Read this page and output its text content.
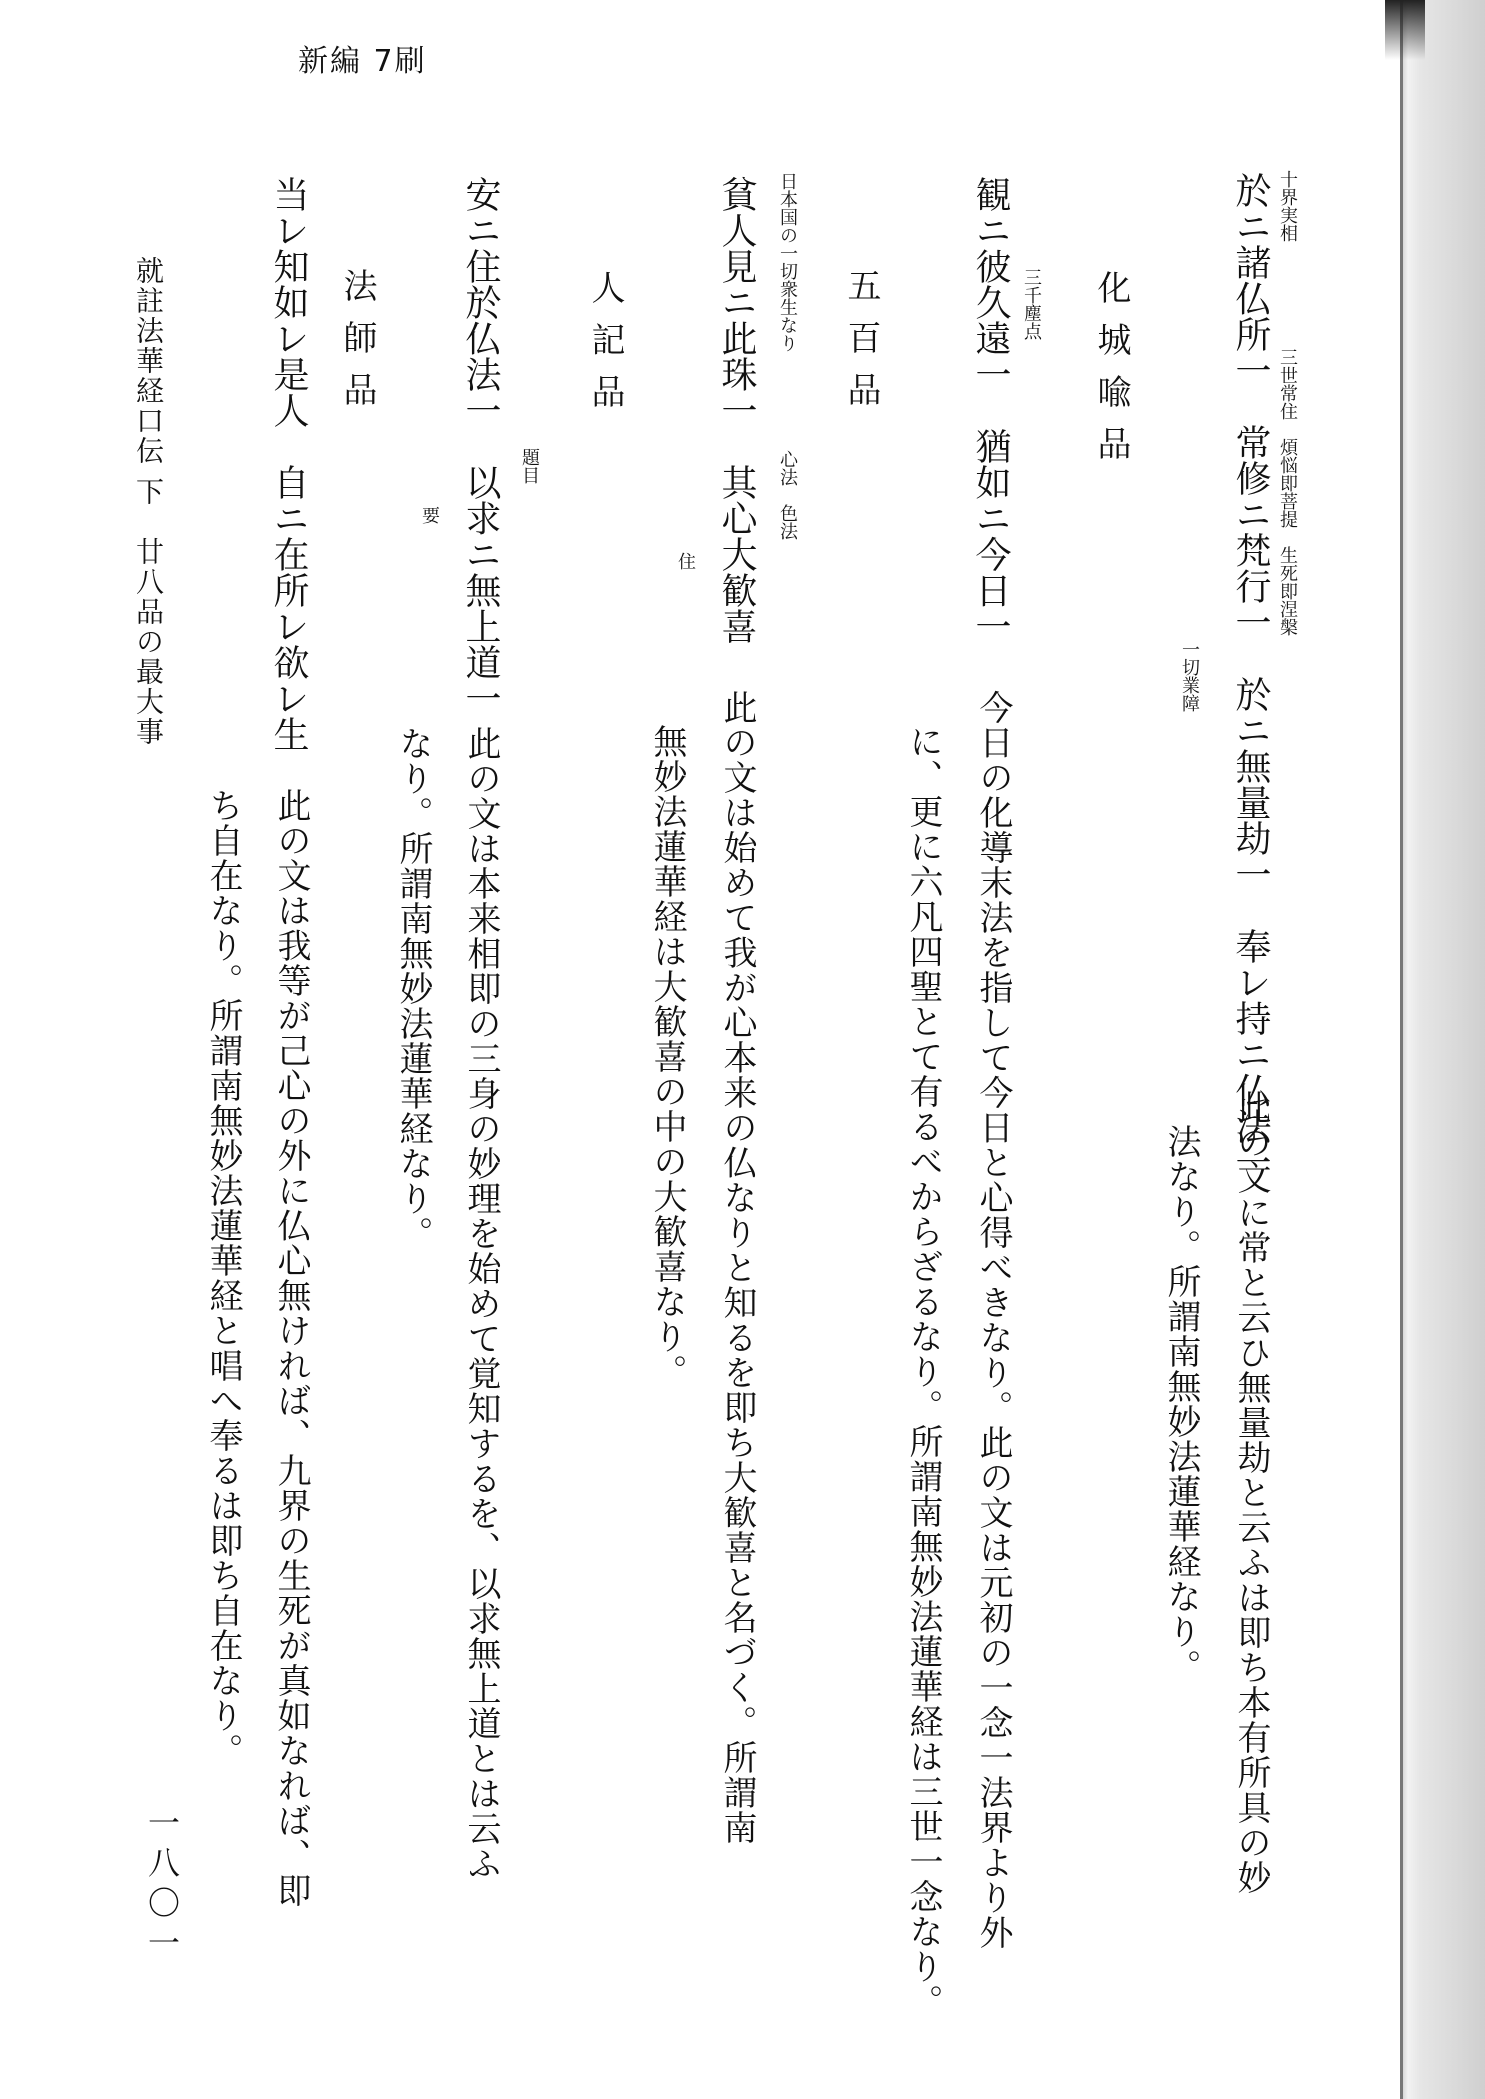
新編 7刷
十界実相
三世常住　煩悩即菩提　生死即涅槃
於ニ諸仏所一　常修ニ梵行一　於ニ無量劫一　奉レ持ニ仏法一
一切業障
此の文に常と云ひ無量劫と云ふは即ち本有所具の妙
法なり。所謂南無妙法蓮華経なり。
化城喩品
三千塵点
観ニ彼久遠一　猶如ニ今日一
今日の化導末法を指して今日と心得べきなり。此の文は元初の一念一法界より外
に、更に六凡四聖とて有るべからざるなり。所謂南無妙法蓮華経は三世一念なり。
五百品
日本国の一切衆生なり
心法　色法
貧人見ニ此珠一　其心大歓喜
住
此の文は始めて我が心本来の仏なりと知るを即ち大歓喜と名づく。所謂南
無妙法蓮華経は大歓喜の中の大歓喜なり。
人記品
題目
安ニ住於仏法一　以求ニ無上道一
要
此の文は本来相即の三身の妙理を始めて覚知するを、以求無上道とは云ふ
なり。所謂南無妙法蓮華経なり。
法師品
当レ知如レ是人　自ニ在所レ欲レ生
此の文は我等が己心の外に仏心無ければ、九界の生死が真如なれば、即
ち自在なり。所謂南無妙法蓮華経と唱へ奉るは即ち自在なり。
就註法華経口伝 下　廿八品の最大事
一八〇一
